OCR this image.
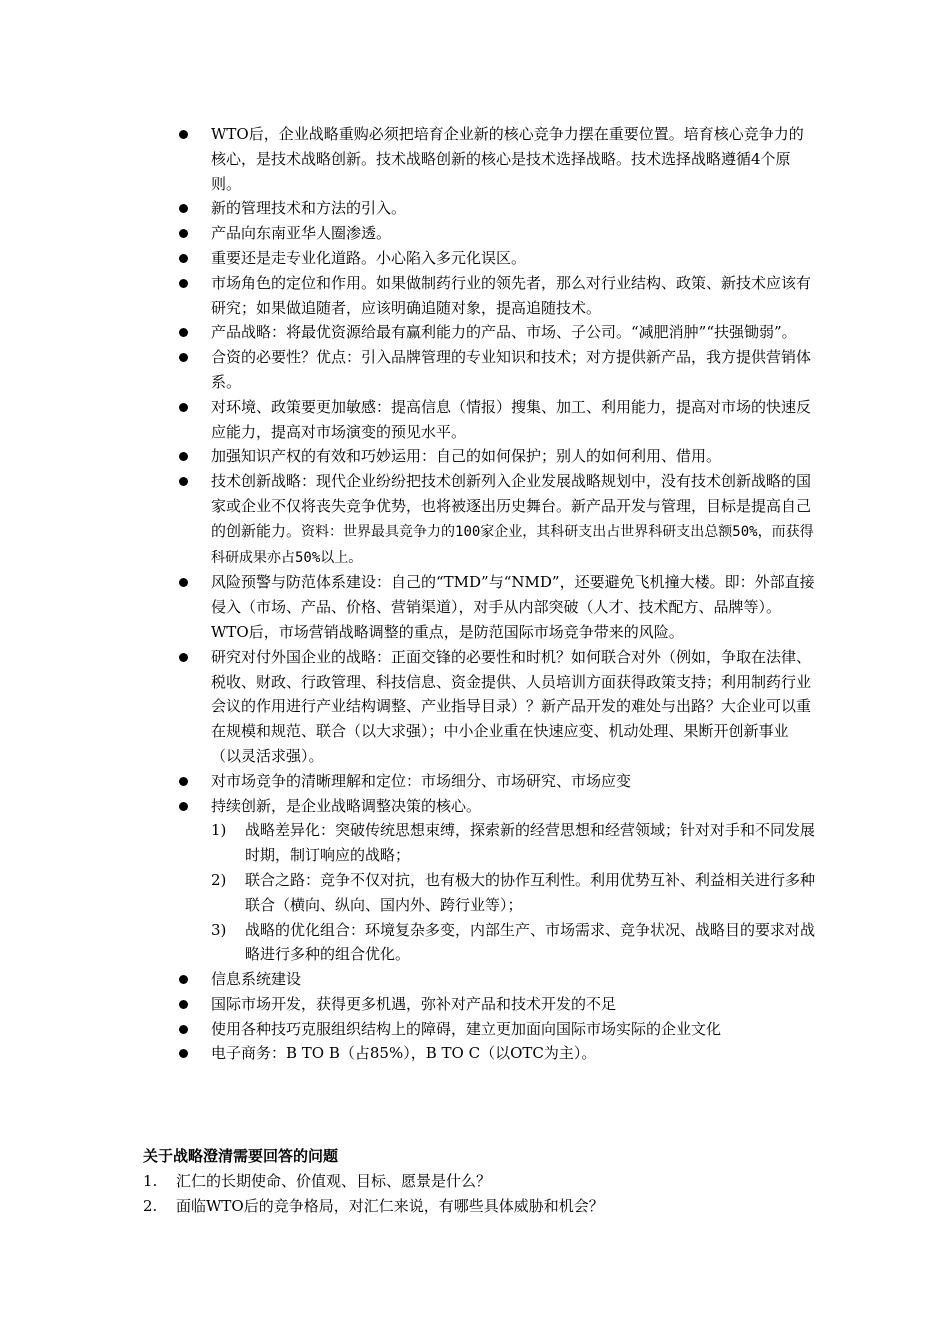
WTO后，企业战略重购必须把培育企业新的核心竞争力摆在重要位置。培育核心竞争力的核心，是技术战略创新。技术战略创新的核心是技术选择战略。技术选择战略遵循4个原则。
新的管理技术和方法的引入。
产品向东南亚华人圈渗透。
重要还是走专业化道路。小心陷入多元化误区。
市场角色的定位和作用。如果做制药行业的领先者，那么对行业结构、政策、新技术应该有研究；如果做追随者，应该明确追随对象，提高追随技术。
产品战略：将最优资源给最有赢利能力的产品、市场、子公司。“减肥消肿”“扶强锄弱”。
合资的必要性？优点：引入品牌管理的专业知识和技术；对方提供新产品，我方提供营销体系。
对环境、政策要更加敏感：提高信息（情报）搜集、加工、利用能力，提高对市场的快速反应能力，提高对市场演变的预见水平。
加强知识产权的有效和巧妙运用：自己的如何保护；别人的如何利用、借用。
技术创新战略：现代企业纷纷把技术创新列入企业发展战略规划中，没有技术创新战略的国家或企业不仅将丧失竞争优势，也将被逐出历史舞台。新产品开发与管理，目标是提高自己的创新能力。资料：世界最具竞争力的100家企业，其科研支出占世界科研支出总额50%，而获得科研成果亦占50%以上。
风险预警与防范体系建设：自己的“TMD”与“NMD”，还要避免飞机撞大楼。即：外部直接侵入（市场、产品、价格、营销渠道），对手从内部突破（人才、技术配方、品牌等）。WTO后，市场营销战略调整的重点，是防范国际市场竞争带来的风险。
研究对付外国企业的战略：正面交锋的必要性和时机？如何联合对外（例如，争取在法律、税收、财政、行政管理、科技信息、资金提供、人员培训方面获得政策支持；利用制药行业会议的作用进行产业结构调整、产业指导目录）？新产品开发的难处与出路？大企业可以重在规模和规范、联合（以大求强）；中小企业重在快速应变、机动处理、果断开创新事业（以灵活求强）。
对市场竞争的清晰理解和定位：市场细分、市场研究、市场应变
持续创新，是企业战略调整决策的核心。
1) 战略差异化：突破传统思想束缚，探索新的经营思想和经营领域；针对对手和不同发展时期，制订响应的战略；
2) 联合之路：竞争不仅对抗，也有极大的协作互利性。利用优势互补、利益相关进行多种联合（横向、纵向、国内外、跨行业等）；
3) 战略的优化组合：环境复杂多变，内部生产、市场需求、竞争状况、战略目的要求对战略进行多种的组合优化。
信息系统建设
国际市场开发，获得更多机遇，弥补对产品和技术开发的不足
使用各种技巧克服组织结构上的障碍，建立更加面向国际市场实际的企业文化
电子商务：B TO B（占85%），B TO C（以OTC为主）。
关于战略澄清需要回答的问题
1. 汇仁的长期使命、价值观、目标、愿景是什么？
2. 面临WTO后的竞争格局，对汇仁来说，有哪些具体威胁和机会？
